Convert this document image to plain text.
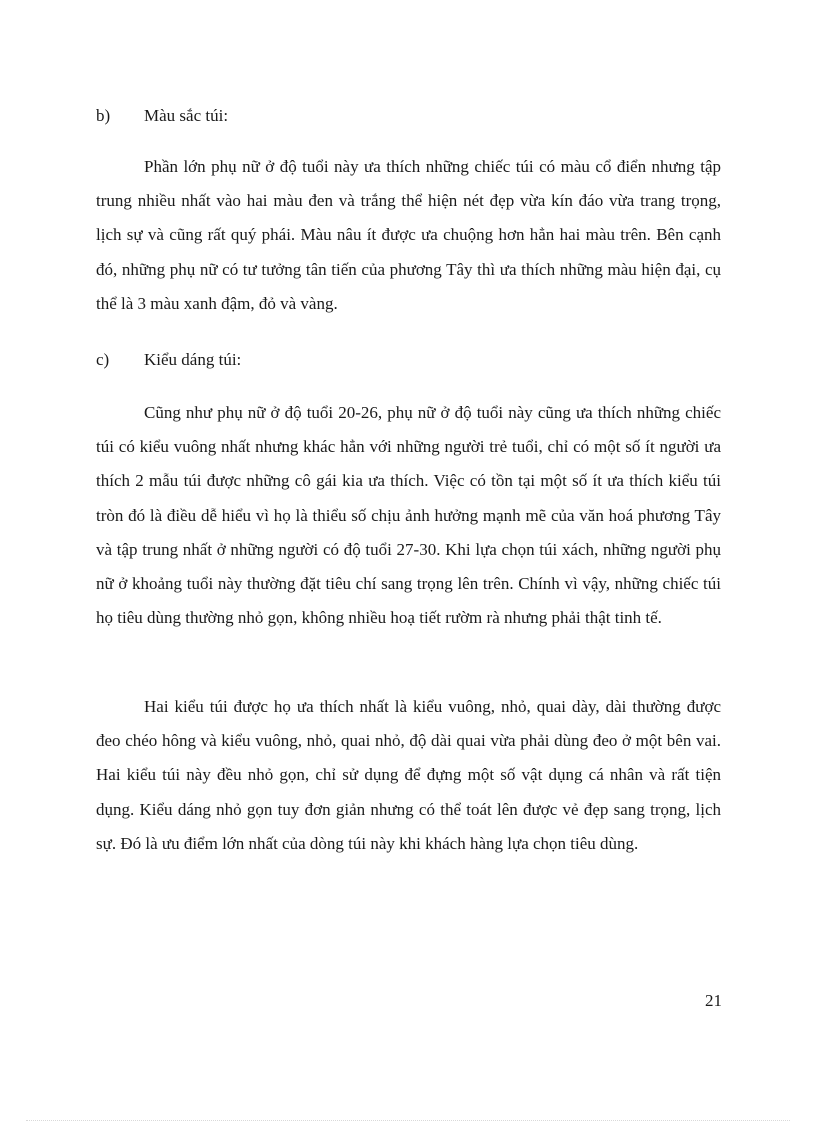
b) Màu sắc túi:

Phần lớn phụ nữ ở độ tuổi này ưa thích những chiếc túi có màu cổ điển nhưng tập trung nhiều nhất vào hai màu đen và trắng thể hiện nét đẹp vừa kín đáo vừa trang trọng, lịch sự và cũng rất quý phái. Màu nâu ít được ưa chuộng hơn hẳn hai màu trên. Bên cạnh đó, những phụ nữ có tư tưởng tân tiến của phương Tây thì ưa thích những màu hiện đại, cụ thể là 3 màu xanh đậm, đỏ và vàng.

c) Kiểu dáng túi:

Cũng như phụ nữ ở độ tuổi 20-26, phụ nữ ở độ tuổi này cũng ưa thích những chiếc túi có kiểu vuông nhất nhưng khác hẳn với những người trẻ tuổi, chỉ có một số ít người ưa thích 2 mẫu túi được những cô gái kia ưa thích. Việc có tồn tại một số ít ưa thích kiểu túi tròn đó là điều dễ hiểu vì họ là thiểu số chịu ảnh hưởng mạnh mẽ của văn hoá phương Tây và tập trung nhất ở những người có độ tuổi 27-30. Khi lựa chọn túi xách, những người phụ nữ ở khoảng tuổi này thường đặt tiêu chí sang trọng lên trên. Chính vì vậy, những chiếc túi họ tiêu dùng thường nhỏ gọn, không nhiều hoạ tiết rườm rà nhưng phải thật tinh tế.

Hai kiểu túi được họ ưa thích nhất là kiểu vuông, nhỏ, quai dày, dài thường được đeo chéo hông và kiểu vuông, nhỏ, quai nhỏ, độ dài quai vừa phải dùng đeo ở một bên vai. Hai kiểu túi này đều nhỏ gọn, chỉ sử dụng để đựng một số vật dụng cá nhân và rất tiện dụng. Kiểu dáng nhỏ gọn tuy đơn giản nhưng có thể toát lên được vẻ đẹp sang trọng, lịch sự. Đó là ưu điểm lớn nhất của dòng túi này khi khách hàng lựa chọn tiêu dùng.

21
